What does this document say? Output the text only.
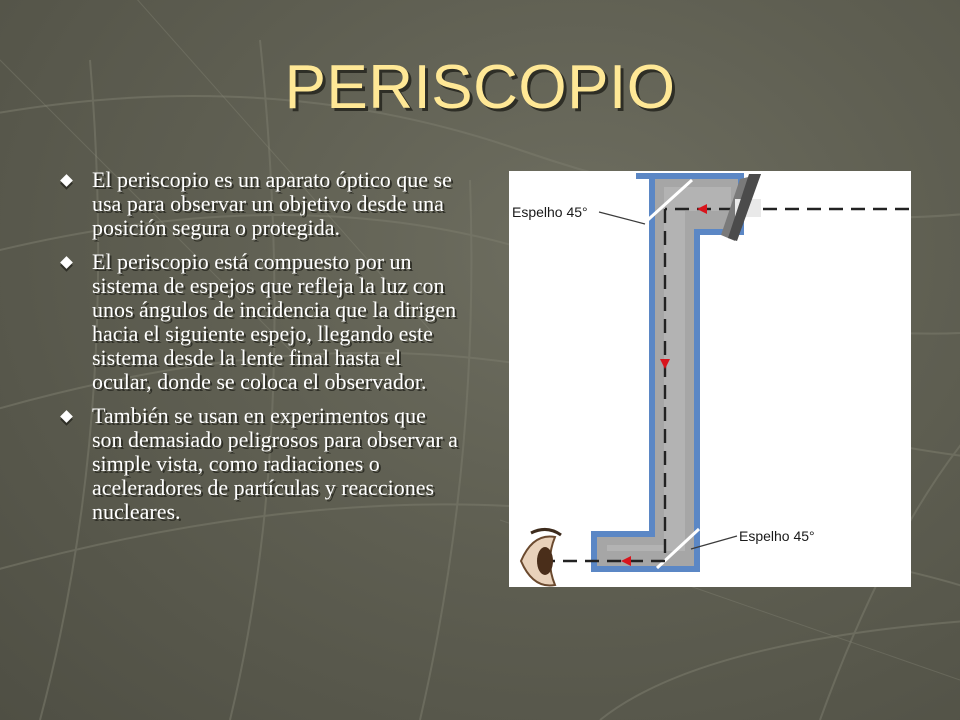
PERISCOPIO
El periscopio es un aparato óptico que se usa para observar un objetivo desde una posición segura o protegida.
El periscopio está compuesto por un sistema de espejos que refleja la luz con unos ángulos de incidencia que la dirigen hacia el siguiente espejo, llegando este sistema desde la lente final hasta el ocular, donde se coloca el observador.
También se usan en experimentos que son demasiado peligrosos para observar a simple vista, como radiaciones o aceleradores de partículas y reacciones nucleares.
Espelho 45°
Espelho 45°
